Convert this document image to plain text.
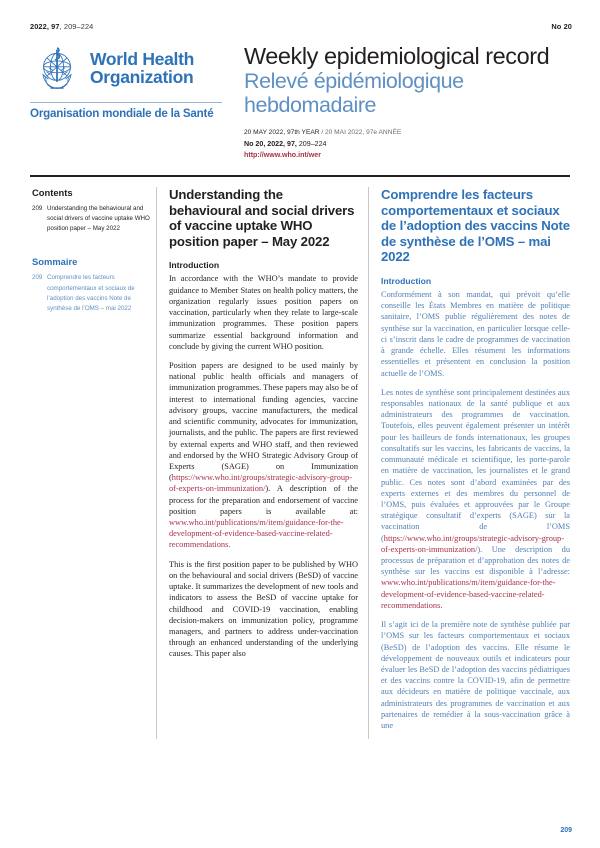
2022, 97, 209–224	No 20
World Health
Organization
Organisation mondiale de la Santé
Weekly epidemiological record
Relevé épidémiologique hebdomadaire
20 MAY 2022, 97th YEAR / 20 MAI 2022, 97e ANNÉE
No 20, 2022, 97, 209–224
http://www.who.int/wer
Contents
209 Understanding the behavioural and social drivers of vaccine uptake WHO position paper – May 2022
Sommaire
209 Comprendre les facteurs comportementaux et sociaux de l’adoption des vaccins Note de synthèse de l’OMS – mai 2022
Understanding the behavioural and social drivers of vaccine uptake WHO position paper – May 2022
Introduction

In accordance with the WHO’s mandate to provide guidance to Member States on health policy matters, the organization regularly issues position papers on vaccination, particularly when they relate to large-scale immunization programmes. These position papers summarize essential background information and conclude by giving the current WHO position.

Position papers are designed to be used mainly by national public health officials and managers of immunization programmes. These papers may also be of interest to international funding agencies, vaccine advisory groups, vaccine manufacturers, the medical and scientific community, advocates for immunization, journalists, and the public. The papers are first reviewed by external experts and WHO staff, and then reviewed and endorsed by the WHO Strategic Advisory Group of Experts (SAGE) on Immunization (https://www.who.int/groups/strategic-advisory-group-of-experts-on-immunization/). A description of the process for the preparation and endorsement of vaccine position papers is available at: www.who.int/publications/m/item/guidance-for-the-development-of-evidence-based-vaccine-related-recommendations.

This is the first position paper to be published by WHO on the behavioural and social drivers (BeSD) of vaccine uptake. It summarizes the development of new tools and indicators to assess the BeSD of vaccine uptake for childhood and COVID-19 vaccination, enabling decision-makers on immunization policy, programme managers, and partners to address under-vaccination through an enhanced understanding of the underlying causes. This paper also

Comprendre les facteurs comportementaux et sociaux de l’adoption des vaccins Note de synthèse de l’OMS – mai 2022
Introduction

Conformément à son mandat, qui prévoit qu’elle conseille les États Membres en matière de politique sanitaire, l’OMS publie régulièrement des notes de synthèse sur la vaccination, en particulier lorsque celle-ci s’inscrit dans le cadre de programmes de vaccination à grande échelle. Elles résument les informations essentielles et présentent en conclusion la position actuelle de l’OMS.

Les notes de synthèse sont principalement destinées aux responsables nationaux de la santé publique et aux administrateurs des programmes de vaccination. Toutefois, elles peuvent également présenter un intérêt pour les bailleurs de fonds internationaux, les groupes consultatifs sur les vaccins, les fabricants de vaccins, la communauté médicale et scientifique, les porte-parole en matière de vaccination, les journalistes et le grand public. Ces notes sont d’abord examinées par des experts externes et des membres du personnel de l’OMS, puis évaluées et approuvées par le Groupe stratégique consultatif d’experts (SAGE) sur la vaccination de l’OMS (https://www.who.int/groups/strategic-advisory-group-of-experts-on-immunization/). Une description du processus de préparation et d’approbation des notes de synthèse sur les vaccins est disponible à l’adresse: www.who.int/publications/m/item/guidance-for-the-development-of-evidence-based-vaccine-related-recommendations.

Il s’agit ici de la première note de synthèse publiée par l’OMS sur les facteurs comportementaux et sociaux (BeSD) de l’adoption des vaccins. Elle résume le développement de nouveaux outils et indicateurs pour évaluer les BeSD de l’adoption des vaccins pédiatriques et des vaccins contre la COVID-19, afin de permettre aux décideurs en matière de politique vaccinale, aux administrateurs des programmes de vaccination et aux partenaires de remédier à la sous-vaccination grâce à une

209
